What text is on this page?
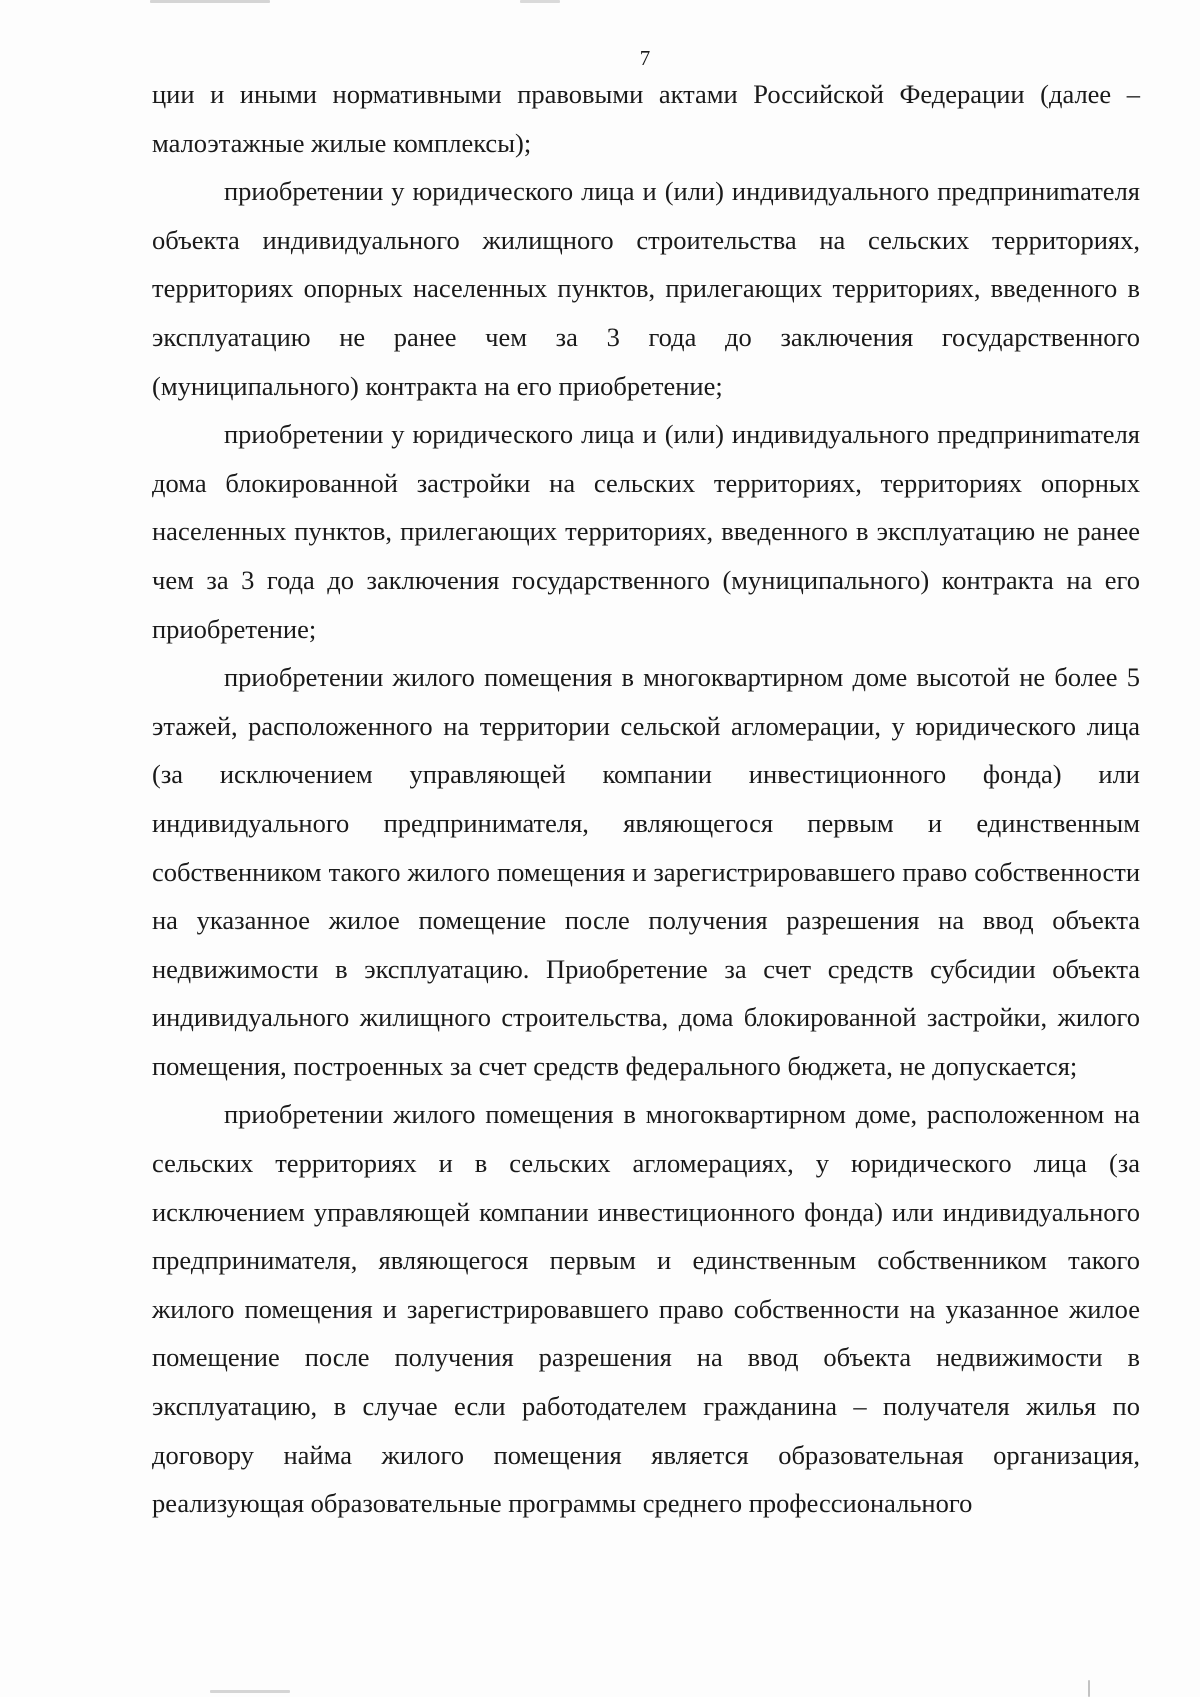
7

ции и иными нормативными правовыми актами Российской Федерации (далее – малоэтажные жилые комплексы);

приобретении у юридического лица и (или) индивидуального предприниmателя объекта индивидуального жилищного строительства на сельских территориях, территориях опорных населенных пунктов, прилегающих территориях, введенного в эксплуатацию не ранее чем за 3 года до заключения государственного (муниципального) контракта на его приобретение;

приобретении у юридического лица и (или) индивидуального предприниmателя дома блокированной застройки на сельских территориях, территориях опорных населенных пунктов, прилегающих территориях, введенного в эксплуатацию не ранее чем за 3 года до заключения государственного (муниципального) контракта на его приобретение;

приобретении жилого помещения в многоквартирном доме высотой не более 5 этажей, расположенного на территории сельской агломерации, у юридического лица (за исключением управляющей компании инвестиционного фонда) или индивидуального предпринимателя, являющегося первым и единственным собственником такого жилого помещения и зарегистрировавшего право собственности на указанное жилое помещение после получения разрешения на ввод объекта недвижимости в эксплуатацию. Приобретение за счет средств субсидии объекта индивидуального жилищного строительства, дома блокированной застройки, жилого помещения, построенных за счет средств федерального бюджета, не допускается;

приобретении жилого помещения в многоквартирном доме, расположенном на сельских территориях и в сельских агломерациях, у юридического лица (за исключением управляющей компании инвестиционного фонда) или индивидуального предпринимателя, являющегося первым и единственным собственником такого жилого помещения и зарегистрировавшего право собственности на указанное жилое помещение после получения разрешения на ввод объекта недвижимости в эксплуатацию, в случае если работодателем гражданина – получателя жилья по договору найма жилого помещения является образовательная организация, реализующая образовательные программы среднего профессионального
